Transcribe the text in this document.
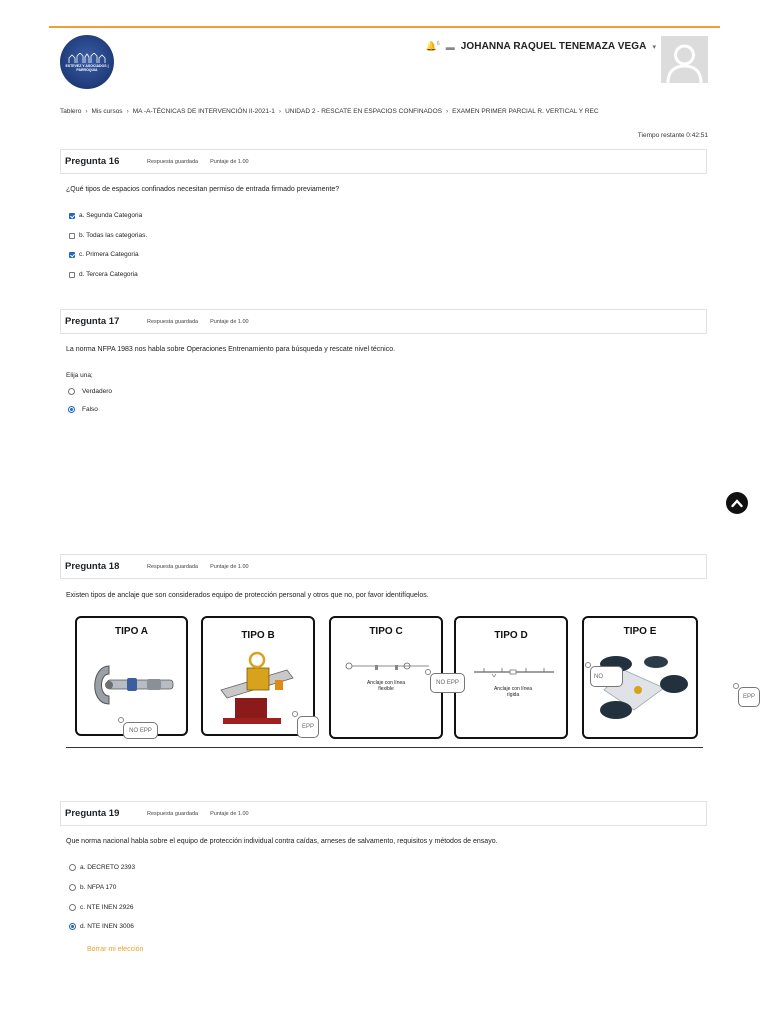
ESTEVEZ Y ASOCIADOS | PARROQUIA
🔔$^6$ ▬ JOHANNA RAQUEL TENEMAZA VEGA ▾
Tablero › Mis cursos › MA -A-TÉCNICAS DE INTERVENCIÓN II-2021-1 › UNIDAD 2 - RESCATE EN ESPACIOS CONFINADOS › EXAMEN PRIMER PARCIAL R. VERTICAL Y REC
Tiempo restante 0:42:51
Pregunta 16	Respuesta guardada Puntaje de 1.00
¿Qué tipos de espacios confinados necesitan permiso de entrada firmado previamente?
a. Segunda Categoria
b. Todas las categorias.
c. Primera Categoria
d. Tercera Categoria
Pregunta 17	Respuesta guardada Puntaje de 1.00
La norma NFPA 1983 nos habla sobre Operaciones Entrenamiento para búsqueda y rescate nivel técnico.
Elija una;
Verdadero
Falso
Pregunta 18	Respuesta guardada Puntaje de 1.00
Existen tipos de anclaje que son considerados equipo de protección personal y otros que no, por favor identifíquelos.
TIPO A	TIPO B	TIPO C
Anclaje con línea flexible
TIPO D
Anclaje con línea rígida
TIPO E
NO EPP
EPP
NO EPP
NO
EPP
Pregunta 19	Respuesta guardada Puntaje de 1.00
Que norma nacional habla sobre el equipo de protección individual contra caídas, arneses de salvamento, requisitos y métodos de ensayo.
a. DECRETO 2393
b. NFPA 170
c. NTE INEN 2926
d. NTE INEN 3006
Borrar mi elección
